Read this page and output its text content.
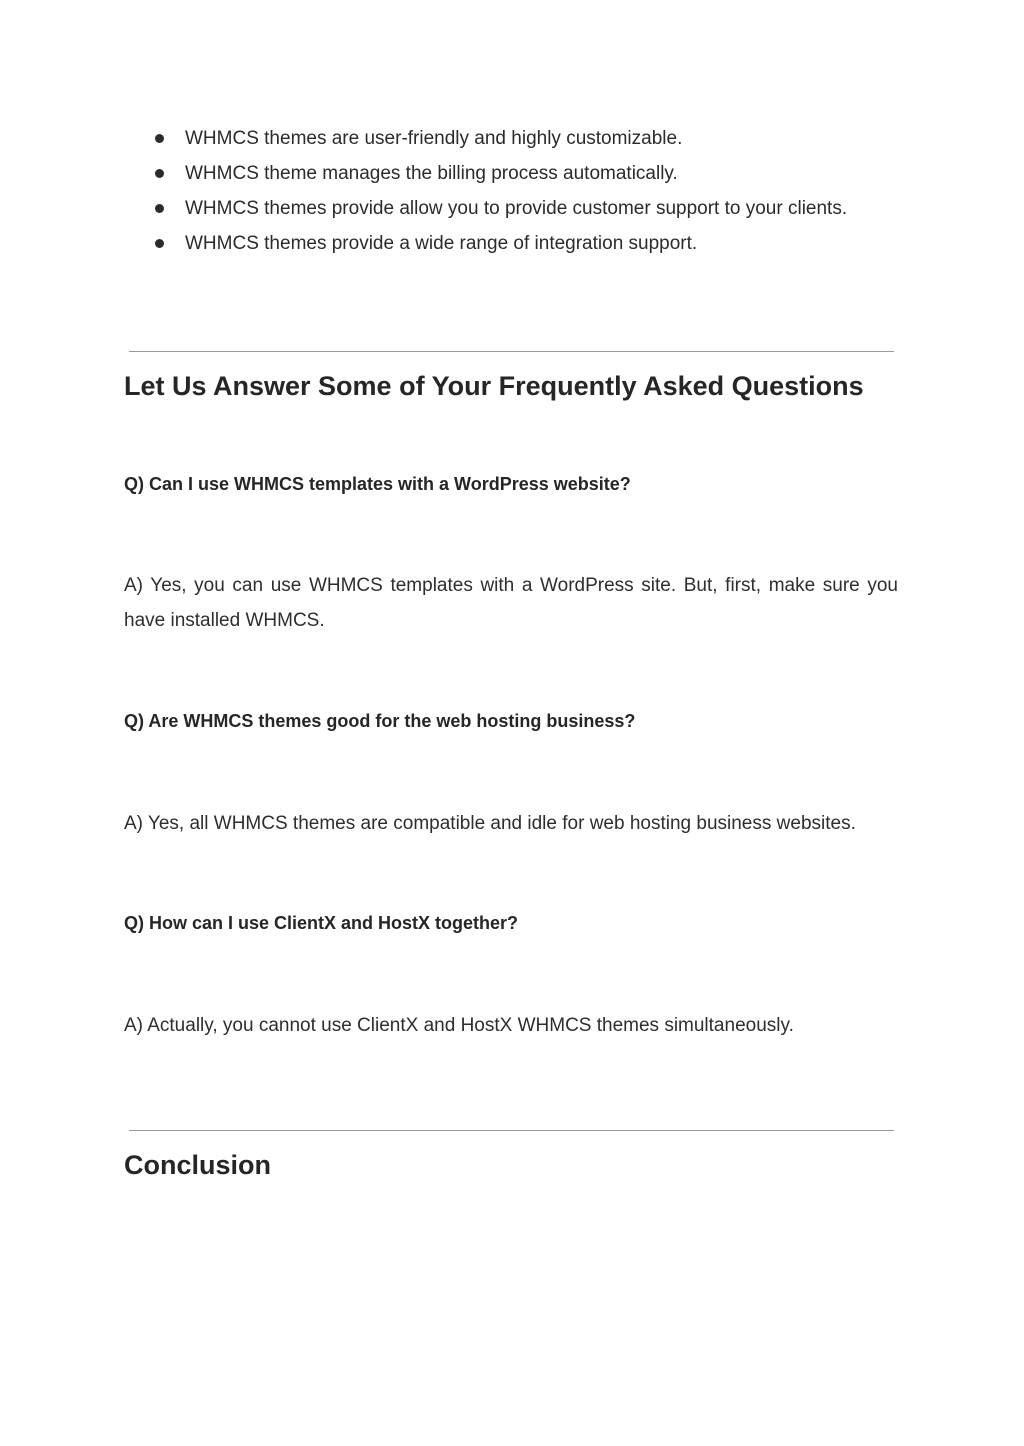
WHMCS themes are user-friendly and highly customizable.
WHMCS theme manages the billing process automatically.
WHMCS themes provide allow you to provide customer support to your clients.
WHMCS themes provide a wide range of integration support.
Let Us Answer Some of Your Frequently Asked Questions

Q) Can I use WHMCS templates with a WordPress website?

A) Yes, you can use WHMCS templates with a WordPress site. But, first, make sure you have installed WHMCS.

Q) Are WHMCS themes good for the web hosting business?

A) Yes, all WHMCS themes are compatible and idle for web hosting business websites.

Q) How can I use ClientX and HostX together?

A) Actually, you cannot use ClientX and HostX WHMCS themes simultaneously.

Conclusion
